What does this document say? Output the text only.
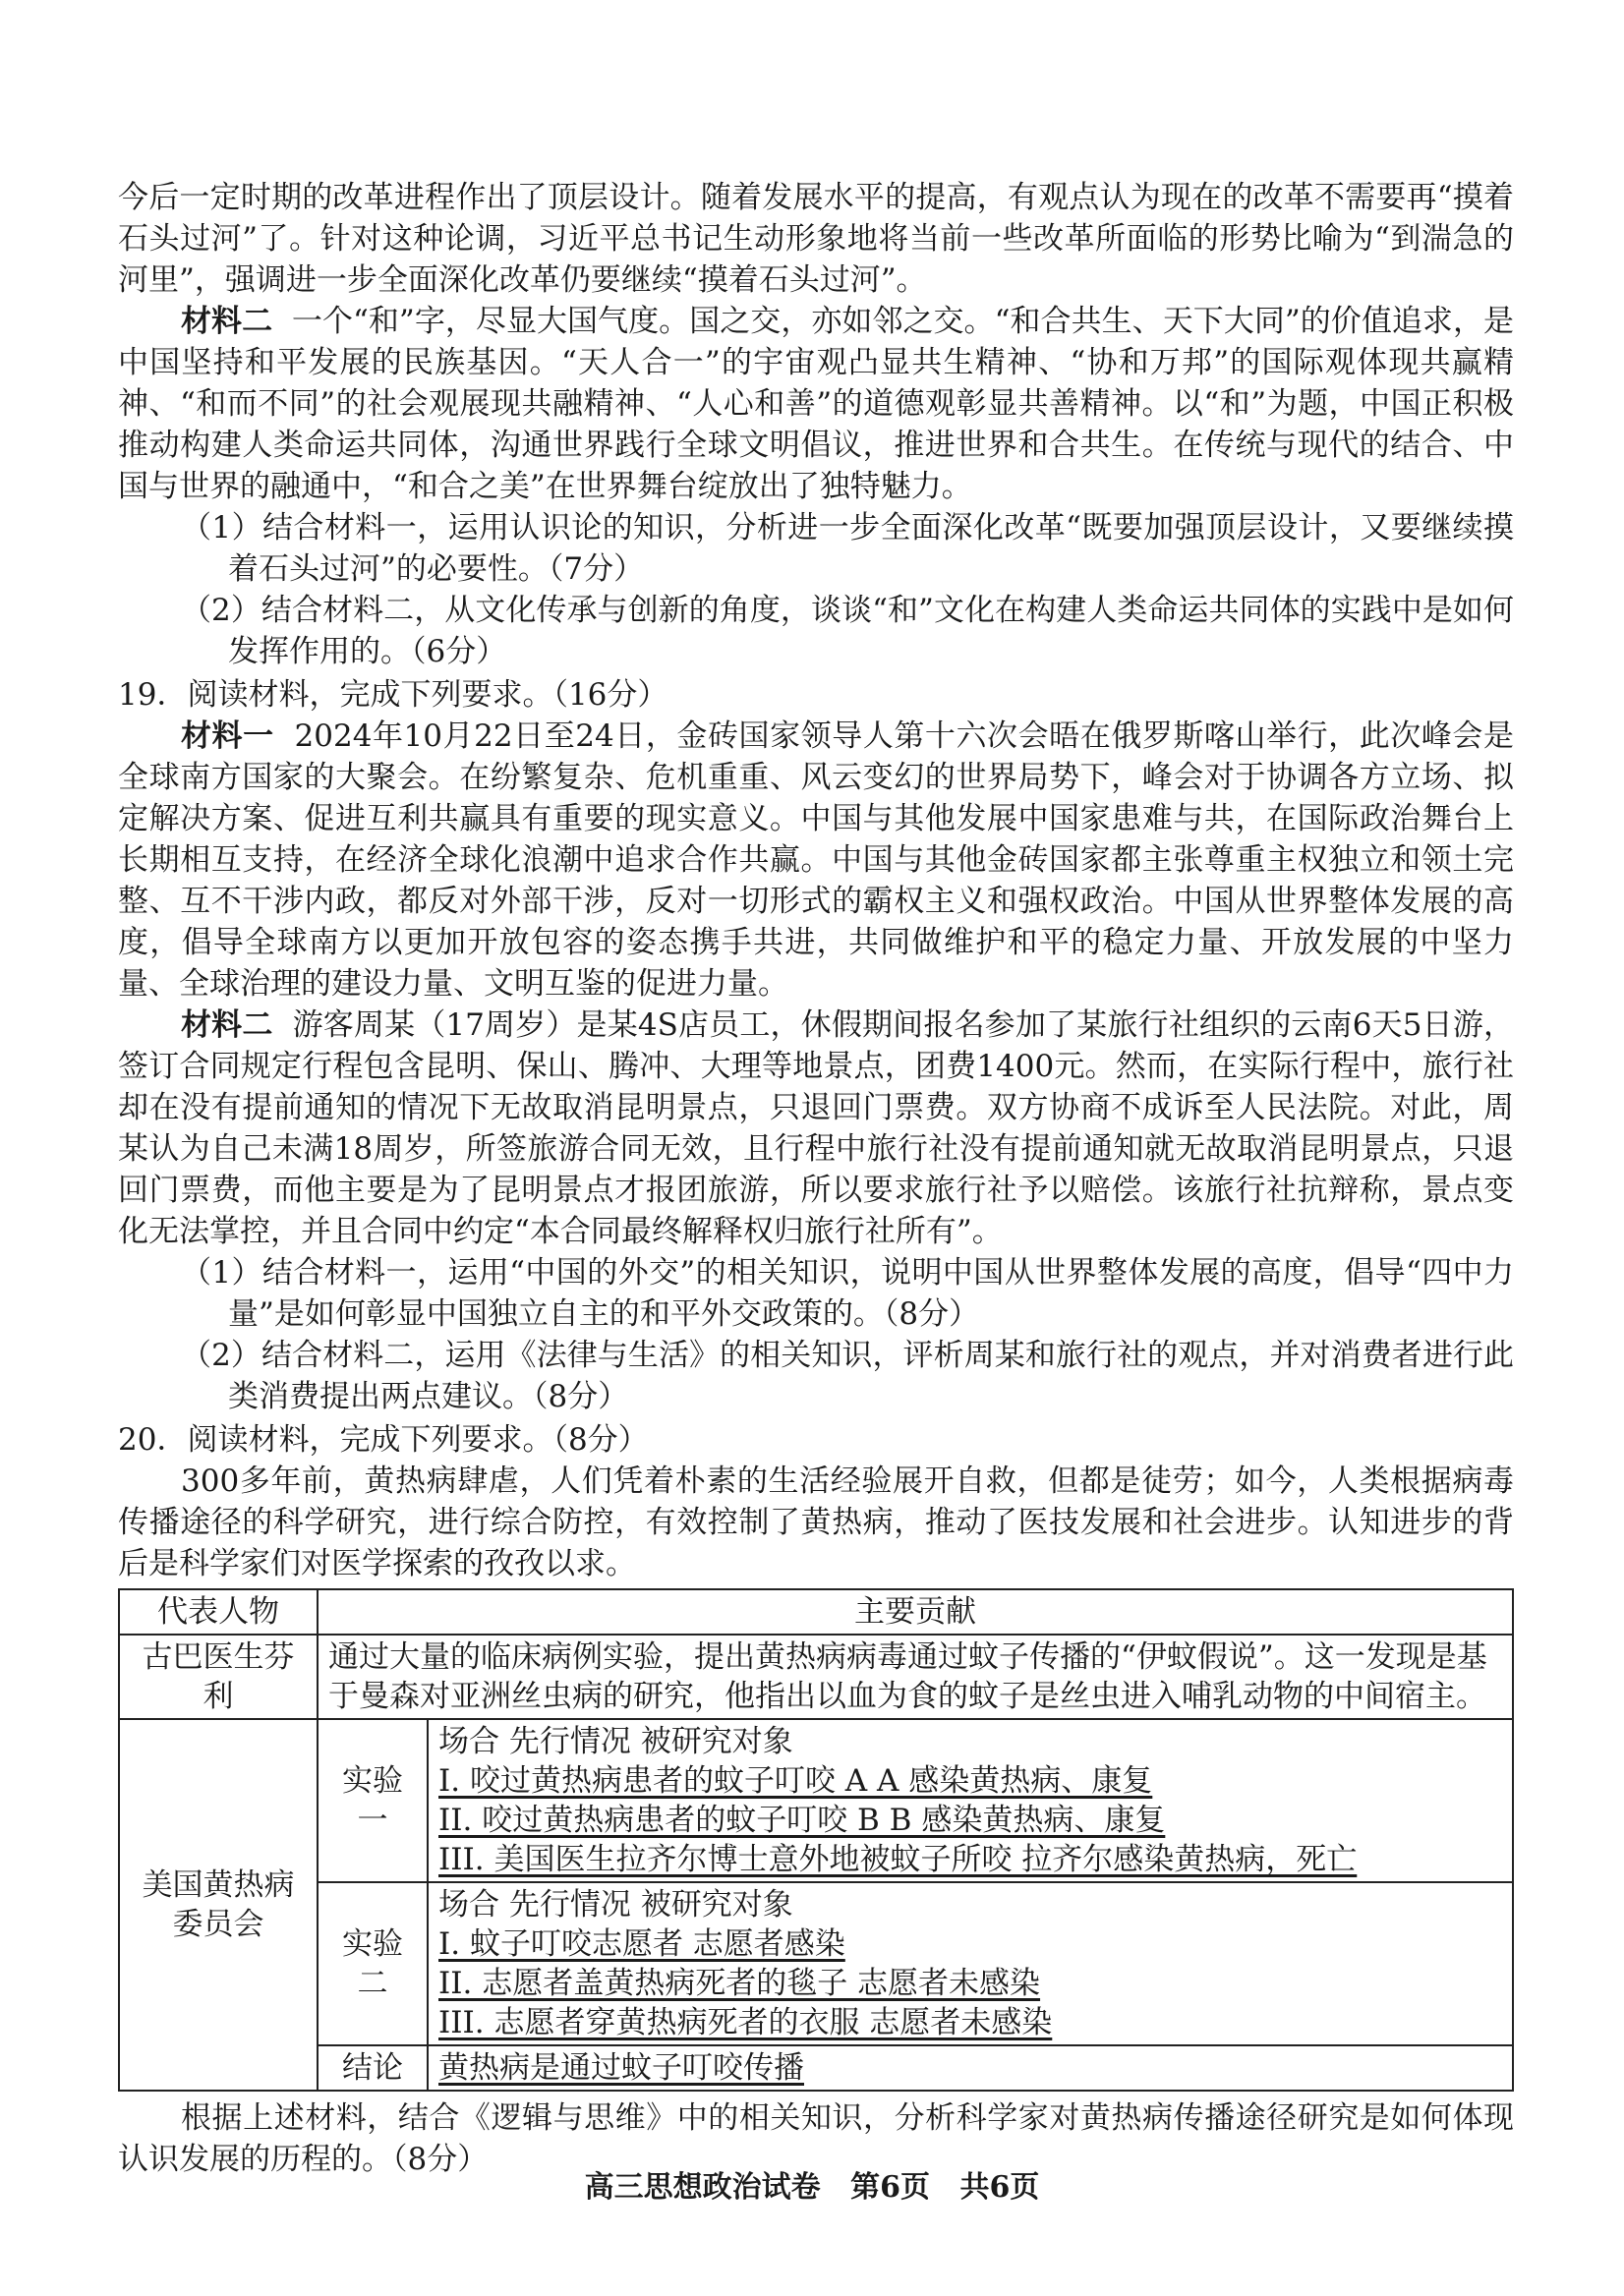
今后一定时期的改革进程作出了顶层设计。随着发展水平的提高，有观点认为现在的改革不需要再“摸着石头过河”了。针对这种论调，习近平总书记生动形象地将当前一些改革所面临的形势比喻为“到湍急的河里”，强调进一步全面深化改革仍要继续“摸着石头过河”。

材料二 一个“和”字，尽显大国气度。国之交，亦如邻之交。“和合共生、天下大同”的价值追求，是中国坚持和平发展的民族基因。“天人合一”的宇宙观凸显共生精神、“协和万邦”的国际观体现共赢精神、“和而不同”的社会观展现共融精神、“人心和善”的道德观彰显共善精神。以“和”为题，中国正积极推动构建人类命运共同体，沟通世界践行全球文明倡议，推进世界和合共生。在传统与现代的结合、中国与世界的融通中，“和合之美”在世界舞台绽放出了独特魅力。

（1）结合材料一，运用认识论的知识，分析进一步全面深化改革“既要加强顶层设计，又要继续摸着石头过河”的必要性。（7分）

（2）结合材料二，从文化传承与创新的角度，谈谈“和”文化在构建人类命运共同体的实践中是如何发挥作用的。（6分）

19．阅读材料，完成下列要求。（16分）

材料一 2024年10月22日至24日，金砖国家领导人第十六次会晤在俄罗斯喀山举行，此次峰会是全球南方国家的大聚会。在纷繁复杂、危机重重、风云变幻的世界局势下，峰会对于协调各方立场、拟定解决方案、促进互利共赢具有重要的现实意义。中国与其他发展中国家患难与共，在国际政治舞台上长期相互支持，在经济全球化浪潮中追求合作共赢。中国与其他金砖国家都主张尊重主权独立和领土完整、互不干涉内政，都反对外部干涉，反对一切形式的霸权主义和强权政治。中国从世界整体发展的高度，倡导全球南方以更加开放包容的姿态携手共进，共同做维护和平的稳定力量、开放发展的中坚力量、全球治理的建设力量、文明互鉴的促进力量。

材料二 游客周某（17周岁）是某4S店员工，休假期间报名参加了某旅行社组织的云南6天5日游，签订合同规定行程包含昆明、保山、腾冲、大理等地景点，团费1400元。然而，在实际行程中，旅行社却在没有提前通知的情况下无故取消昆明景点，只退回门票费。双方协商不成诉至人民法院。对此，周某认为自己未满18周岁，所签旅游合同无效，且行程中旅行社没有提前通知就无故取消昆明景点，只退回门票费，而他主要是为了昆明景点才报团旅游，所以要求旅行社予以赔偿。该旅行社抗辩称，景点变化无法掌控，并且合同中约定“本合同最终解释权归旅行社所有”。

（1）结合材料一，运用“中国的外交”的相关知识，说明中国从世界整体发展的高度，倡导“四中力量”是如何彰显中国独立自主的和平外交政策的。（8分）

（2）结合材料二，运用《法律与生活》的相关知识，评析周某和旅行社的观点，并对消费者进行此类消费提出两点建议。（8分）

20．阅读材料，完成下列要求。（8分）

300多年前，黄热病肆虐，人们凭着朴素的生活经验展开自救，但都是徒劳；如今，人类根据病毒传播途径的科学研究，进行综合防控，有效控制了黄热病，推动了医技发展和社会进步。认知进步的背后是科学家们对医学探索的孜孜以求。

代表人物	主要贡献	
古巴医生芬利	通过大量的临床病例实验，提出黄热病病毒通过蚊子传播的“伊蚊假说”。这一发现是基于曼森对亚洲丝虫病的研究，他指出以血为食的蚊子是丝虫进入哺乳动物的中间宿主。	
美国黄热病委员会	实验一	场合 先行情况 被研究对象
I. 咬过黄热病患者的蚊子叮咬 A A 感染黄热病、康复
II. 咬过黄热病患者的蚊子叮咬 B B 感染黄热病、康复
III. 美国医生拉齐尔博士意外地被蚊子所咬 拉齐尔感染黄热病，死亡

	实验二	场合 先行情况 被研究对象
I. 蚊子叮咬志愿者 志愿者感染
II. 志愿者盖黄热病死者的毯子 志愿者未感染
III. 志愿者穿黄热病死者的衣服 志愿者未感染

	结论	黄热病是通过蚊子叮咬传播

根据上述材料，结合《逻辑与思维》中的相关知识，分析科学家对黄热病传播途径研究是如何体现认识发展的历程的。（8分）

高三思想政治试卷 第6页 共6页
